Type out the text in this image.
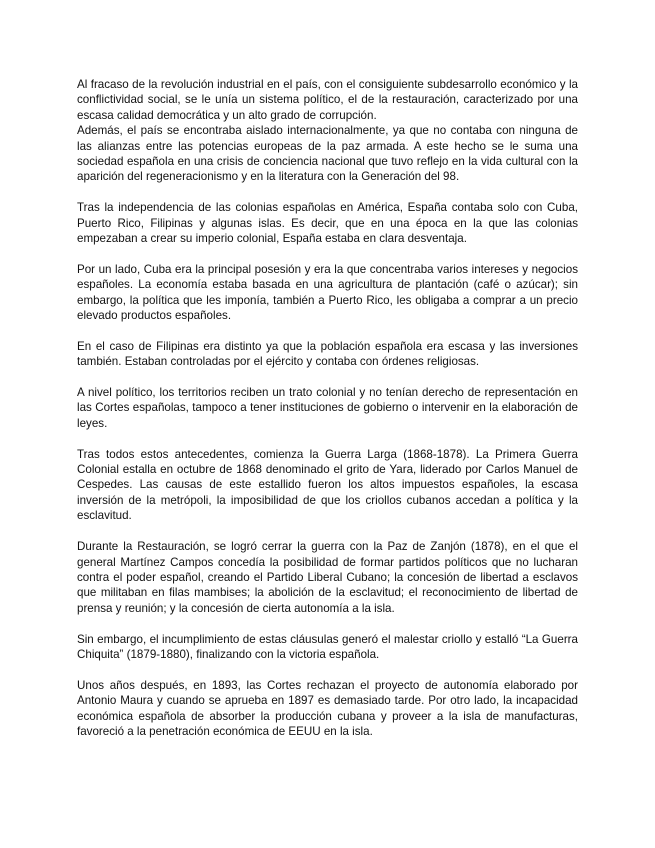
Al fracaso de la revolución industrial en el país, con el consiguiente subdesarrollo económico y la conflictividad social, se le unía un sistema político, el de la restauración, caracterizado por una escasa calidad democrática y un alto grado de corrupción.

Además, el país se encontraba aislado internacionalmente, ya que no contaba con ninguna de las alianzas entre las potencias europeas de la paz armada. A este hecho se le suma una sociedad española en una crisis de conciencia nacional que tuvo reflejo en la vida cultural con la aparición del regeneracionismo y en la literatura con la Generación del 98.

Tras la independencia de las colonias españolas en América, España contaba solo con Cuba, Puerto Rico, Filipinas y algunas islas. Es decir, que en una época en la que las colonias empezaban a crear su imperio colonial, España estaba en clara desventaja.

Por un lado, Cuba era la principal posesión y era la que concentraba varios intereses y negocios españoles. La economía estaba basada en una agricultura de plantación (café o azúcar); sin embargo, la política que les imponía, también a Puerto Rico, les obligaba a comprar a un precio elevado productos españoles.

En el caso de Filipinas era distinto ya que la población española era escasa y las inversiones también. Estaban controladas por el ejército y contaba con órdenes religiosas.

A nivel político, los territorios reciben un trato colonial y no tenían derecho de representación en las Cortes españolas, tampoco a tener instituciones de gobierno o intervenir en la elaboración de leyes.

Tras todos estos antecedentes, comienza la Guerra Larga (1868-1878). La Primera Guerra Colonial estalla en octubre de 1868 denominado el grito de Yara, liderado por Carlos Manuel de Cespedes. Las causas de este estallido fueron los altos impuestos españoles, la escasa inversión de la metrópoli, la imposibilidad de que los criollos cubanos accedan a política y la esclavitud.

Durante la Restauración, se logró cerrar la guerra con la Paz de Zanjón (1878), en el que el general Martínez Campos concedía la posibilidad de formar partidos políticos que no lucharan contra el poder español, creando el Partido Liberal Cubano; la concesión de libertad a esclavos que militaban en filas mambises; la abolición de la esclavitud; el reconocimiento de libertad de prensa y reunión; y la concesión de cierta autonomía a la isla.

Sin embargo, el incumplimiento de estas cláusulas generó el malestar criollo y estalló “La Guerra Chiquita” (1879-1880), finalizando con la victoria española.

Unos años después, en 1893, las Cortes rechazan el proyecto de autonomía elaborado por Antonio Maura y cuando se aprueba en 1897 es demasiado tarde. Por otro lado, la incapacidad económica española de absorber la producción cubana y proveer a la isla de manufacturas, favoreció a la penetración económica de EEUU en la isla.
